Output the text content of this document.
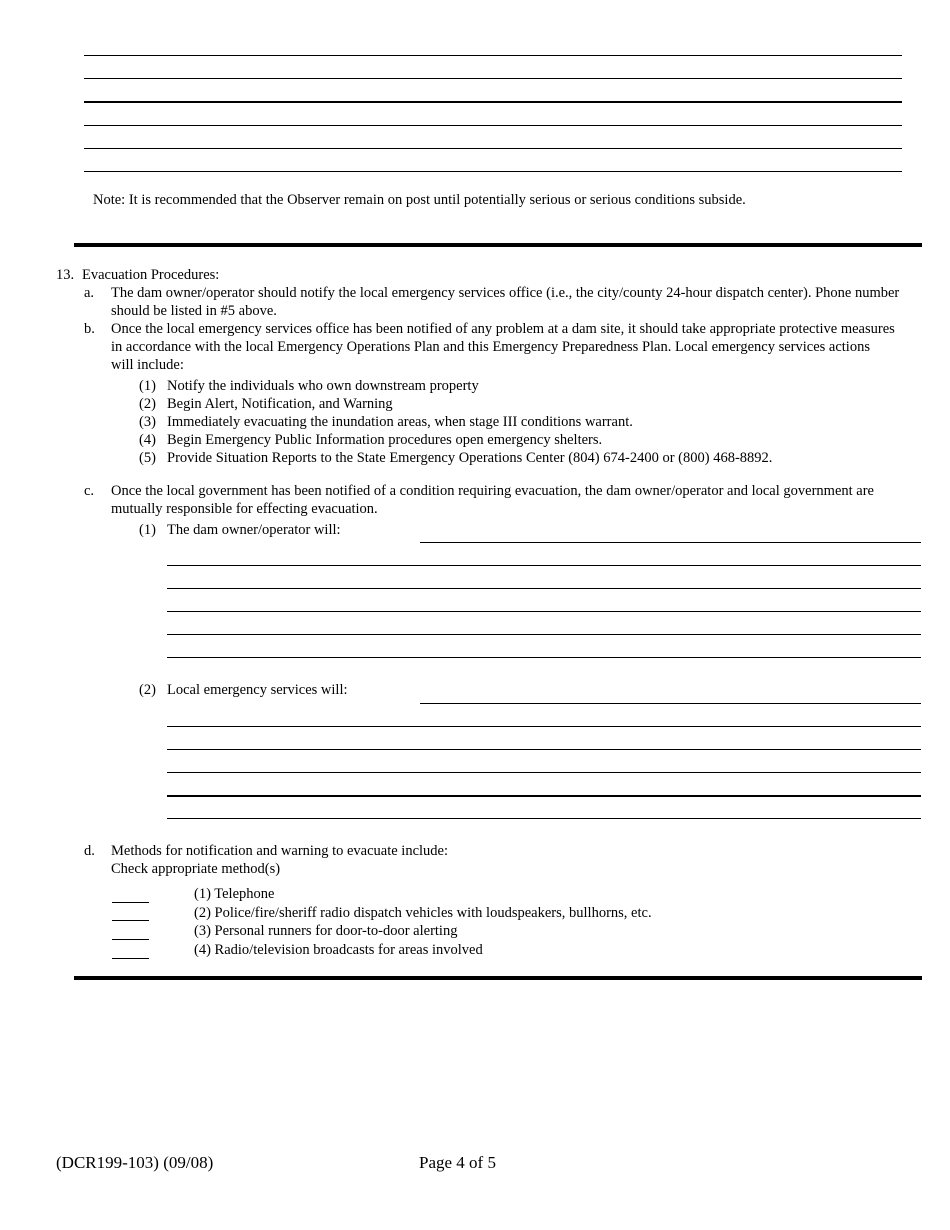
Note: It is recommended that the Observer remain on post until potentially serious or serious conditions subside.
13. Evacuation Procedures:
a. The dam owner/operator should notify the local emergency services office (i.e., the city/county 24-hour dispatch center). Phone number should be listed in #5 above.
b. Once the local emergency services office has been notified of any problem at a dam site, it should take appropriate protective measures in accordance with the local Emergency Operations Plan and this Emergency Preparedness Plan. Local emergency services actions will include:
(1) Notify the individuals who own downstream property
(2) Begin Alert, Notification, and Warning
(3) Immediately evacuating the inundation areas, when stage III conditions warrant.
(4) Begin Emergency Public Information procedures open emergency shelters.
(5) Provide Situation Reports to the State Emergency Operations Center (804) 674-2400 or (800) 468-8892.
c. Once the local government has been notified of a condition requiring evacuation, the dam owner/operator and local government are mutually responsible for effecting evacuation.
(1) The dam owner/operator will:
(2) Local emergency services will:
d. Methods for notification and warning to evacuate include:
Check appropriate method(s)
(1) Telephone
(2) Police/fire/sheriff radio dispatch vehicles with loudspeakers, bullhorns, etc.
(3) Personal runners for door-to-door alerting
(4) Radio/television broadcasts for areas involved
(DCR199-103) (09/08)	Page 4 of 5
